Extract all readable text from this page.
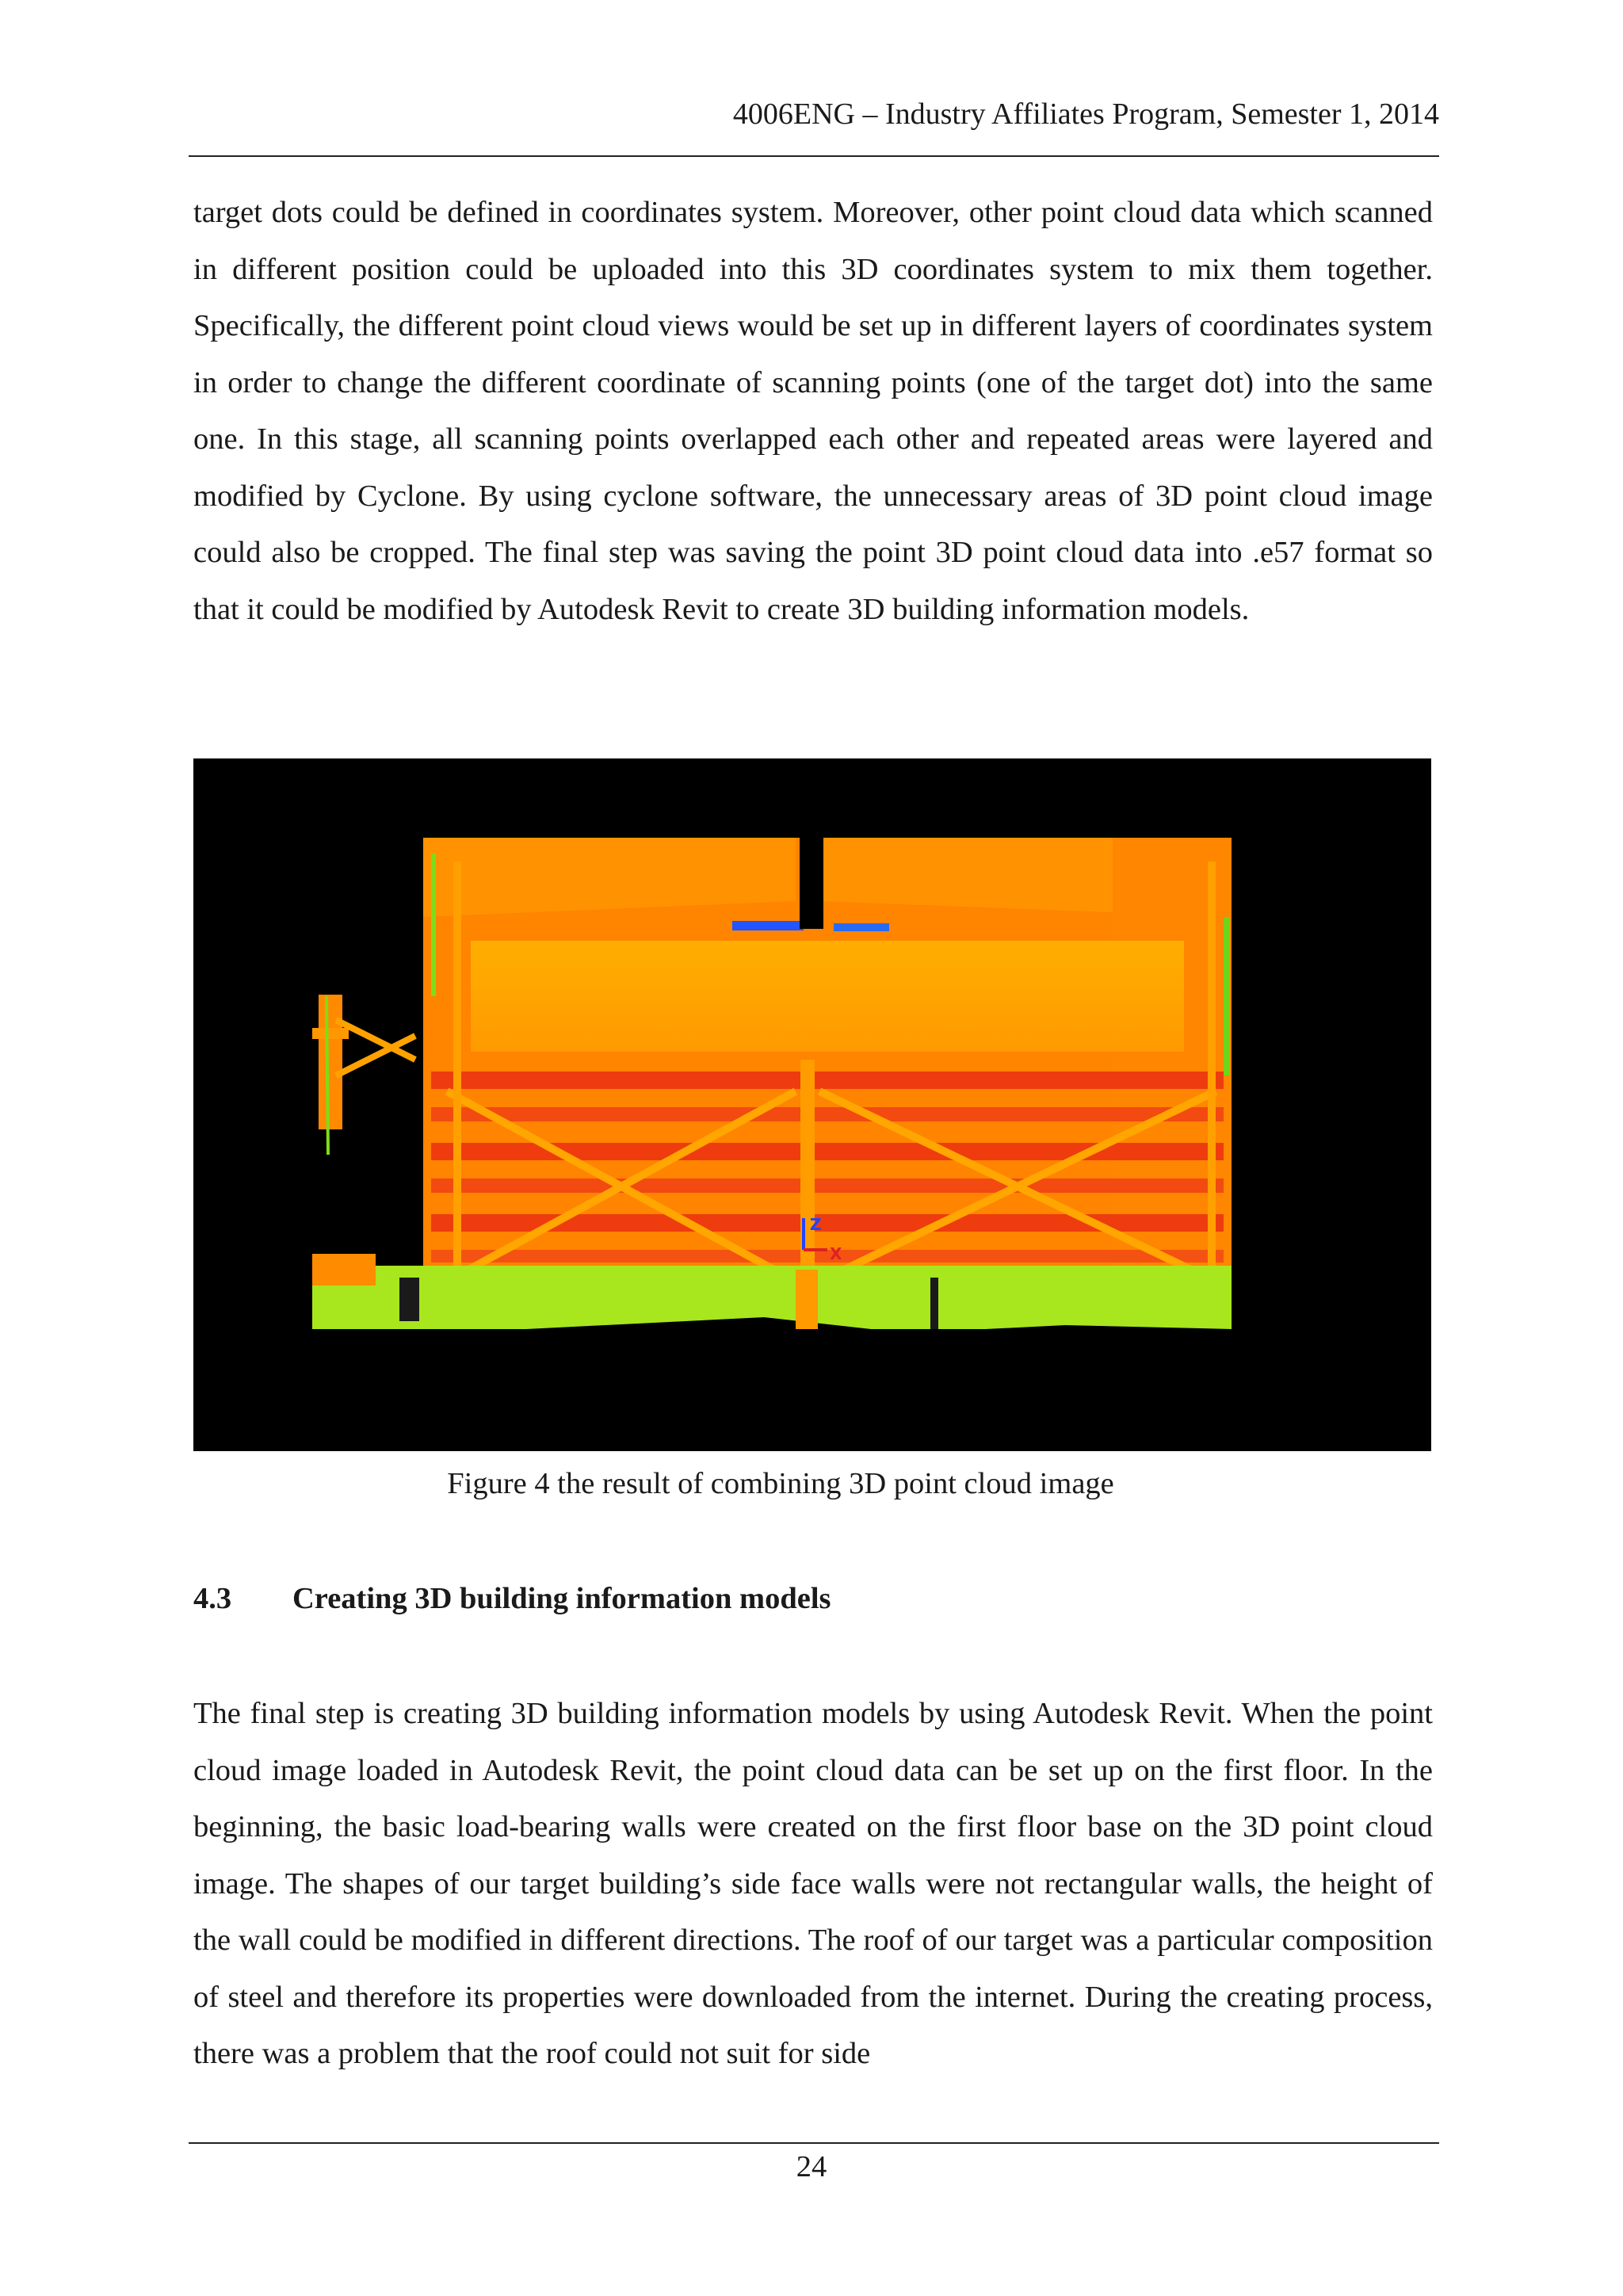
4006ENG – Industry Affiliates Program, Semester 1, 2014

target dots could be defined in coordinates system. Moreover, other point cloud data which scanned in different position could be uploaded into this 3D coordinates system to mix them together. Specifically, the different point cloud views would be set up in different layers of coordinates system in order to change the different coordinate of scanning points (one of the target dot) into the same one. In this stage, all scanning points overlapped each other and repeated areas were layered and modified by Cyclone. By using cyclone software, the unnecessary areas of 3D point cloud image could also be cropped. The final step was saving the point 3D point cloud data into .e57 format so that it could be modified by Autodesk Revit to create 3D building information models.

Z
X
Figure 4 the result of combining 3D point cloud image
4.3 Creating 3D building information models

The final step is creating 3D building information models by using Autodesk Revit. When the point cloud image loaded in Autodesk Revit, the point cloud data can be set up on the first floor. In the beginning, the basic load-bearing walls were created on the first floor base on the 3D point cloud image. The shapes of our target building’s side face walls were not rectangular walls, the height of the wall could be modified in different directions. The roof of our target was a particular composition of steel and therefore its properties were downloaded from the internet. During the creating process, there was a problem that the roof could not suit for side

24
